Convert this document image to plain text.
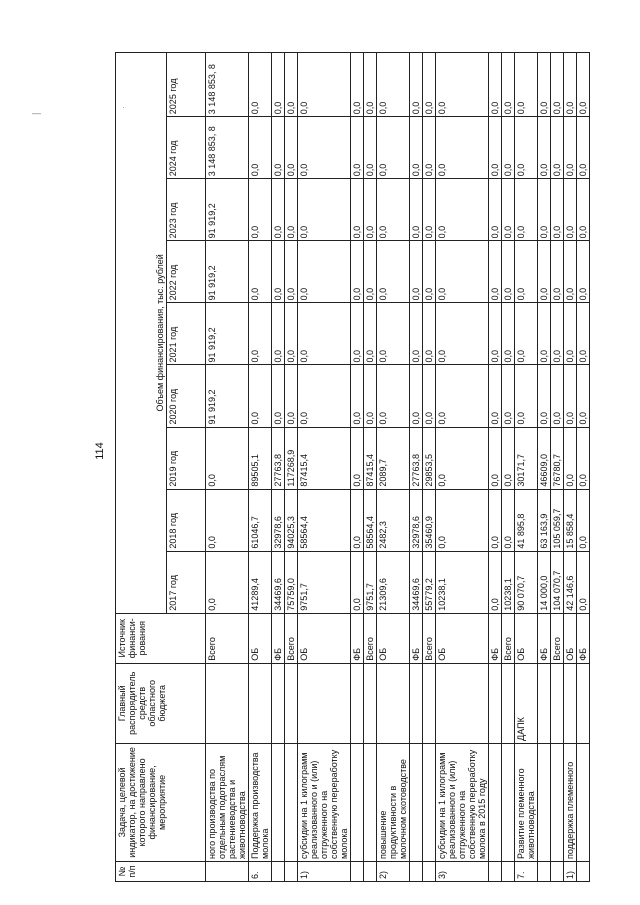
—
·
114
№ п/п	Задача, целевой индикатор, на достижение которого направлено финансирование, мероприятие	Главный распорядитель средств областного бюджета	Источник финанси-рования	Объем финансирования, тыс. рублей								
				2017 год	2018 год	2019 год	2020 год	2021 год	2022 год	2023 год	2024 год	2025 год
	ного производства по отдельным подотраслям растениеводства и животноводства		Всего	0,0	0,0	0,0	91 919,2	91 919,2	91 919,2	91 919,2	3 148 853, 8	3 148 853, 8
6.	Поддержка производства молока		ОБ	41289,4	61046,7	89505,1	0,0	0,0	0,0	0,0	0,0	0,0
			ФБ	34469,6	32978,6	27763,8	0,0	0,0	0,0	0,0	0,0	0,0
			Всего	75759,0	94025,3	117268,9	0,0	0,0	0,0	0,0	0,0	0,0
1)	субсидии на 1 килограмм реализованного и (или) отгруженного на собственную переработку молока		ОБ	9751,7	58564,4	87415,4	0,0	0,0	0,0	0,0	0,0	0,0
			ФБ	0,0	0,0	0,0	0,0	0,0	0,0	0,0	0,0	0,0
			Всего	9751,7	58564,4	87415,4	0,0	0,0	0,0	0,0	0,0	0,0
2)	повышение продуктивности в молочном скотоводстве		ОБ	21309,6	2482,3	2089,7	0,0	0,0	0,0	0,0	0,0	0,0
			ФБ	34469,6	32978,6	27763,8	0,0	0,0	0,0	0,0	0,0	0,0
			Всего	55779,2	35460,9	29853,5	0,0	0,0	0,0	0,0	0,0	0,0
3)	субсидии на 1 килограмм реализованного и (или) отгруженного на собственную переработку молока в 2015 году		ОБ	10238,1	0,0	0,0	0,0	0,0	0,0	0,0	0,0	0,0
			ФБ	0,0	0,0	0,0	0,0	0,0	0,0	0,0	0,0	0,0
			Всего	10238,1	0,0	0,0	0,0	0,0	0,0	0,0	0,0	0,0
7.	Развитие племенного животноводства	ДАПК	ОБ	90 070,7	41 895,8	30171,7	0,0	0,0	0,0	0,0	0,0	0,0
			ФБ	14 000,0	63 163,9	46609,0	0,0	0,0	0,0	0,0	0,0	0,0
			Всего	104 070,7	105 059,7	76780,7	0,0	0,0	0,0	0,0	0,0	0,0
1)	поддержка племенного		ОБ	42 146,6	15 858,4	0,0	0,0	0,0	0,0	0,0	0,0	0,0
			ФБ	0,0	0,0	0,0	0,0	0,0	0,0	0,0	0,0	0,0
